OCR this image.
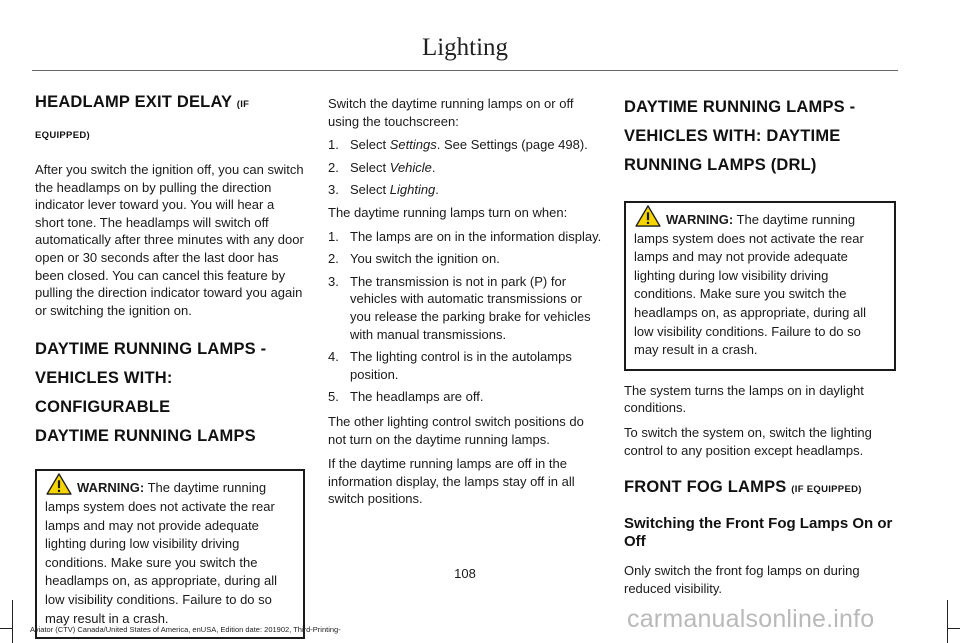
Lighting
HEADLAMP EXIT DELAY (IF EQUIPPED)

After you switch the ignition off, you can switch the headlamps on by pulling the direction indicator lever toward you. You will hear a short tone. The headlamps will switch off automatically after three minutes with any door open or 30 seconds after the last door has been closed. You can cancel this feature by pulling the direction indicator toward you again or switching the ignition on.

DAYTIME RUNNING LAMPS -
VEHICLES WITH: CONFIGURABLE
DAYTIME RUNNING LAMPS
WARNING: The daytime running lamps system does not activate the rear lamps and may not provide adequate lighting during low visibility driving conditions. Make sure you switch the headlamps on, as appropriate, during all low visibility conditions. Failure to do so may result in a crash.

Switch the daytime running lamps on or off using the touchscreen:

1. Select Settings. See Settings (page 498).
2. Select Vehicle.
3. Select Lighting.

The daytime running lamps turn on when:

1. The lamps are on in the information display.
2. You switch the ignition on.
3. The transmission is not in park (P) for vehicles with automatic transmissions or you release the parking brake for vehicles with manual transmissions.
4. The lighting control is in the autolamps position.
5. The headlamps are off.

The other lighting control switch positions do not turn on the daytime running lamps.

If the daytime running lamps are off in the information display, the lamps stay off in all switch positions.

DAYTIME RUNNING LAMPS -
VEHICLES WITH: DAYTIME
RUNNING LAMPS (DRL)
WARNING: The daytime running lamps system does not activate the rear lamps and may not provide adequate lighting during low visibility driving conditions. Make sure you switch the headlamps on, as appropriate, during all low visibility conditions. Failure to do so may result in a crash.

The system turns the lamps on in daylight conditions.

To switch the system on, switch the lighting control to any position except headlamps.

FRONT FOG LAMPS (IF EQUIPPED)
Switching the Front Fog Lamps On or Off

Only switch the front fog lamps on during reduced visibility.

108
Aviator (CTV) Canada/United States of America, enUSA, Edition date: 201902, Third-Printing-	carmanualsonline.info
